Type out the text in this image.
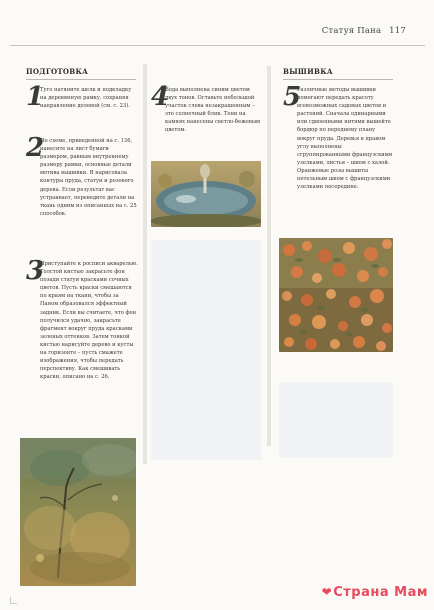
Статуя Пана 117
ПОДГОТОВКА
1
Туго натяните шелк и подкладку на деревянную рамку, сохраняя направление долевой (см. с. 23).
2
По схеме, приведенной на с. 136, нанесите на лист бумаги размером, равным внутреннему размеру рамки, основные детали мотива вышивки. Я нарисовала контуры пруда, статуи и розового дерева. Если результат вас устраивает, переведите детали на ткань одним из описанных на с. 25 способов.
3
Приступайте к росписи акварелью. Толстой кистью закрасьте фон позади статуи красками сочных цветов. Пусть краски смешаются по краям на ткани, чтобы за Паном образовался эффектный задник. Если вы считаете, что фон получился удачно, закрасьте фрагмент вокруг пруда красками зеленых оттенков. Затем тонкой кистью нарисуйте дерево и кусты на горизонте – пусть смажете изображения, чтобы передать перспективу. Как смешивать краски, описано на с. 26.
4
Вода выполнена синим цветом двух тонов. Оставьте небольшой участок слева незакрашенным – это солнечный блик. Тени на камнях нанесены светло-бежевым цветом.
ВЫШИВКА
5
Различные методы вышивки помогают передать красоту всевозможных садовых цветов и растений. Сначала одинарными или сдвоенными нитями вышейте бордюр по переднему плану вокруг пруда. Деревья в правом углу выполнены сгруппированными французскими узелками, листья – швом с халой. Оранжевые розы вышиты петельным швом с французскими узелками посередине.
❤Страна Мам
